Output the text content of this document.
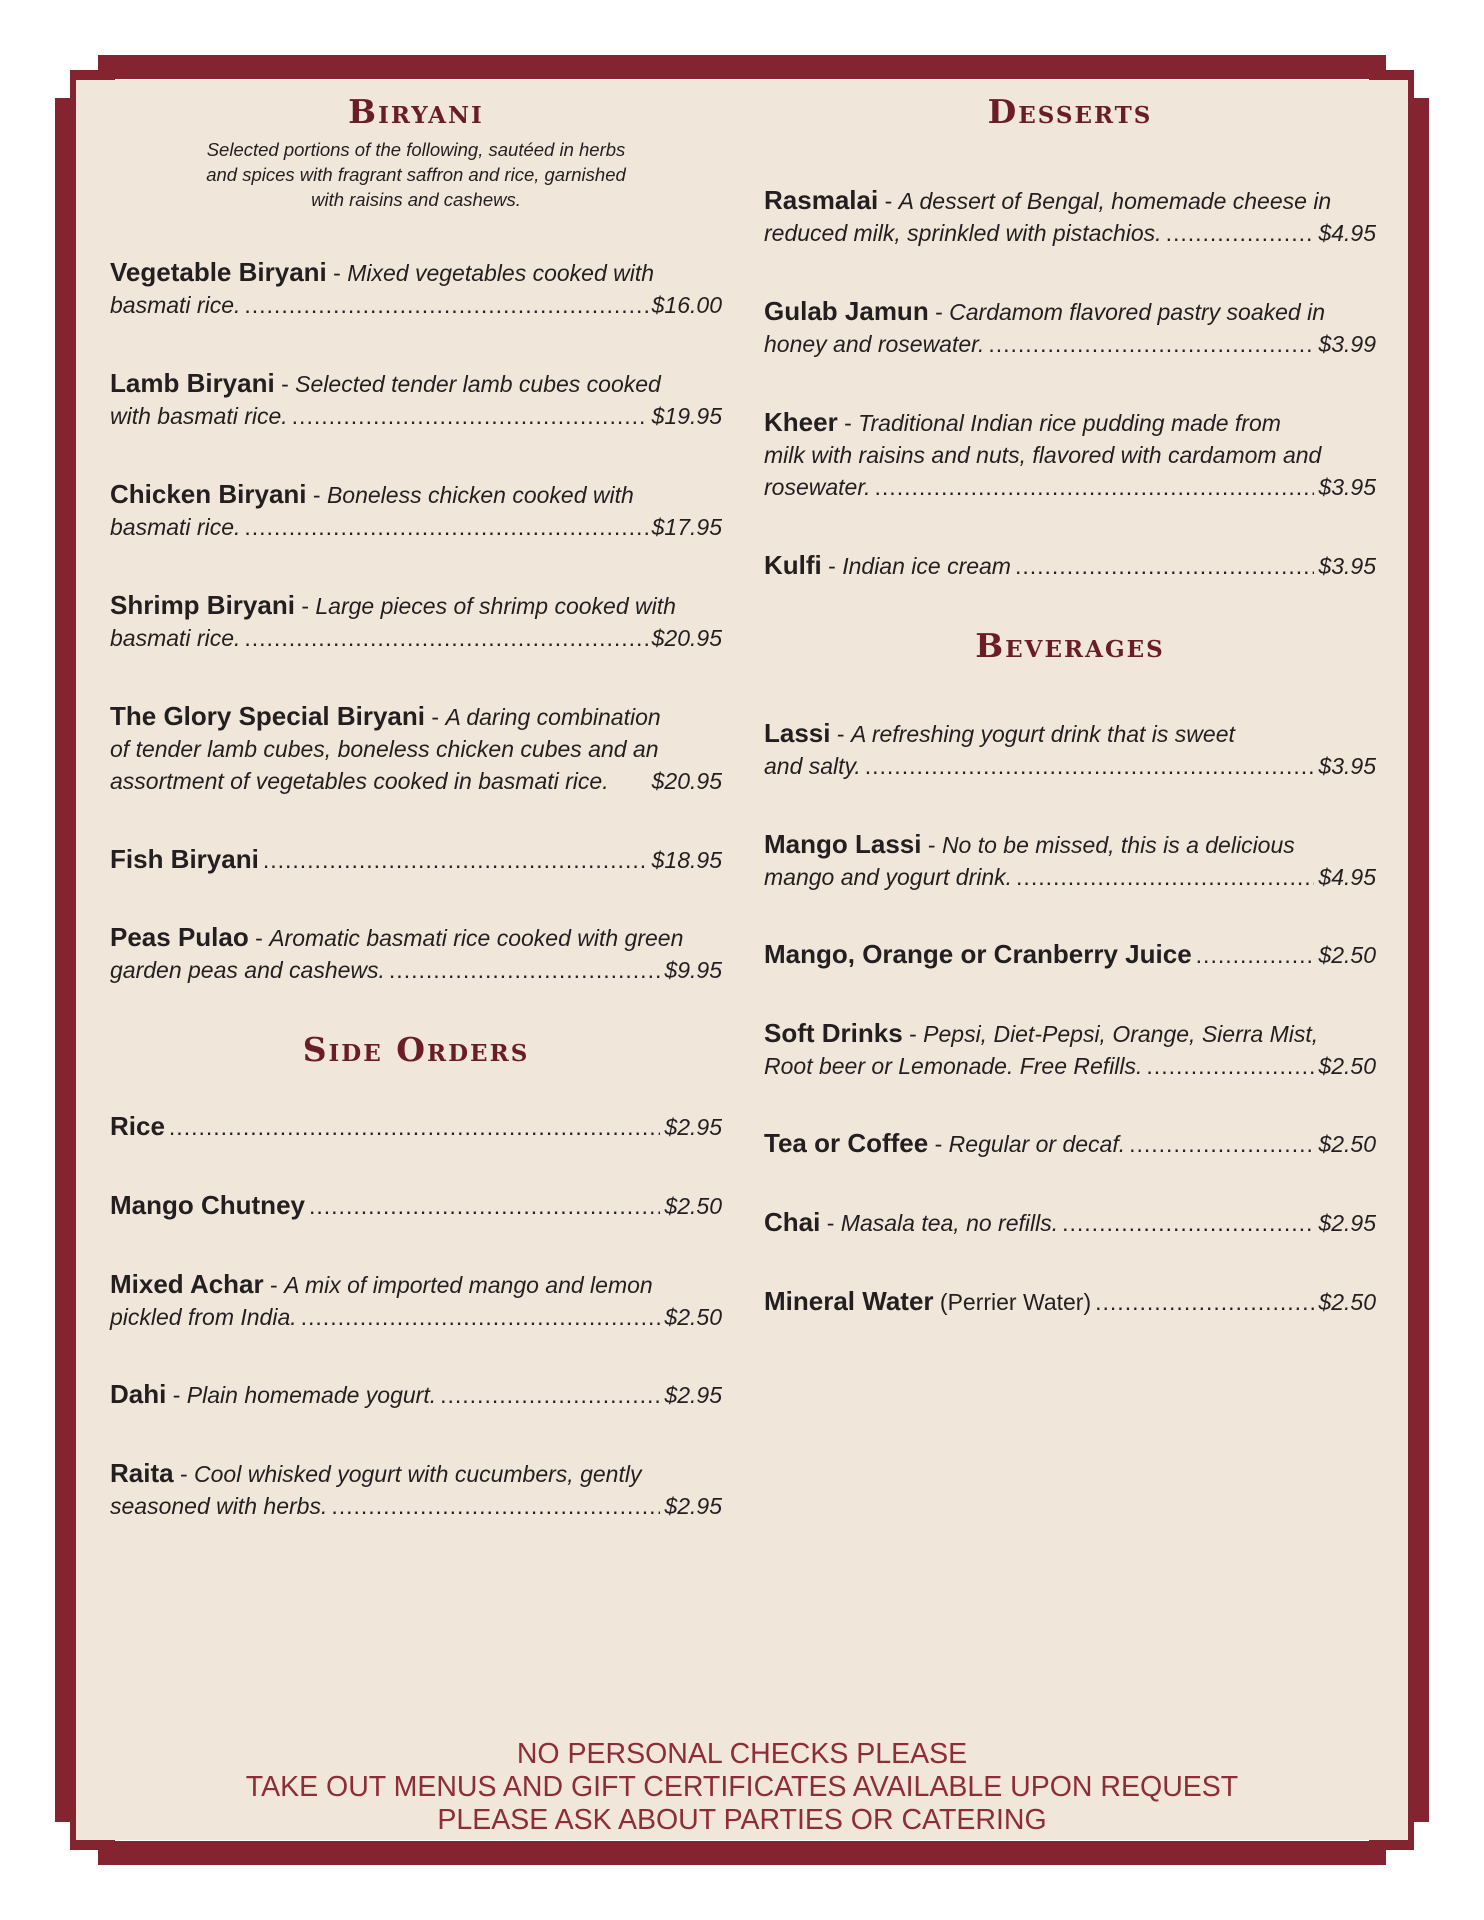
Biryani

Selected portions of the following, sautéed in herbs
and spices with fragrant saffron and rice, garnished
with raisins and cashews.

Vegetable Biryani - Mixed vegetables cooked with
basmati rice. .....	$16.00
Lamb Biryani - Selected tender lamb cubes cooked
with basmati rice. .....	$19.95
Chicken Biryani - Boneless chicken cooked with
basmati rice. .....	$17.95
Shrimp Biryani - Large pieces of shrimp cooked with
basmati rice. .....	$20.95
The Glory Special Biryani - A daring combination
of tender lamb cubes, boneless chicken cubes and an
assortment of vegetables cooked in basmati rice. $20.95
Fish Biryani .....	$18.95
Peas Pulao - Aromatic basmati rice cooked with green
garden peas and cashews. .....	$9.95
Side Orders
Rice .....	$2.95
Mango Chutney .....	$2.50
Mixed Achar - A mix of imported mango and lemon
pickled from India. .....	$2.50
Dahi - Plain homemade yogurt. .....	$2.95
Raita - Cool whisked yogurt with cucumbers, gently
seasoned with herbs. .....	$2.95
Desserts
Rasmalai - A dessert of Bengal, homemade cheese in
reduced milk, sprinkled with pistachios. .....	$4.95
Gulab Jamun - Cardamom flavored pastry soaked in
honey and rosewater. .....	$3.99
Kheer - Traditional Indian rice pudding made from
milk with raisins and nuts, flavored with cardamom and
rosewater. .....	$3.95
Kulfi - Indian ice cream .....	$3.95
Beverages
Lassi - A refreshing yogurt drink that is sweet
and salty. .....	$3.95
Mango Lassi - No to be missed, this is a delicious
mango and yogurt drink. .....	$4.95
Mango, Orange or Cranberry Juice .....	$2.50
Soft Drinks - Pepsi, Diet-Pepsi, Orange, Sierra Mist,
Root beer or Lemonade. Free Refills. .....	$2.50
Tea or Coffee - Regular or decaf. .....	$2.50
Chai - Masala tea, no refills. .....	$2.95
Mineral Water
(Perrier Water) .....	$2.50
NO PERSONAL CHECKS PLEASE
TAKE OUT MENUS AND GIFT CERTIFICATES AVAILABLE UPON REQUEST
PLEASE ASK ABOUT PARTIES OR CATERING
